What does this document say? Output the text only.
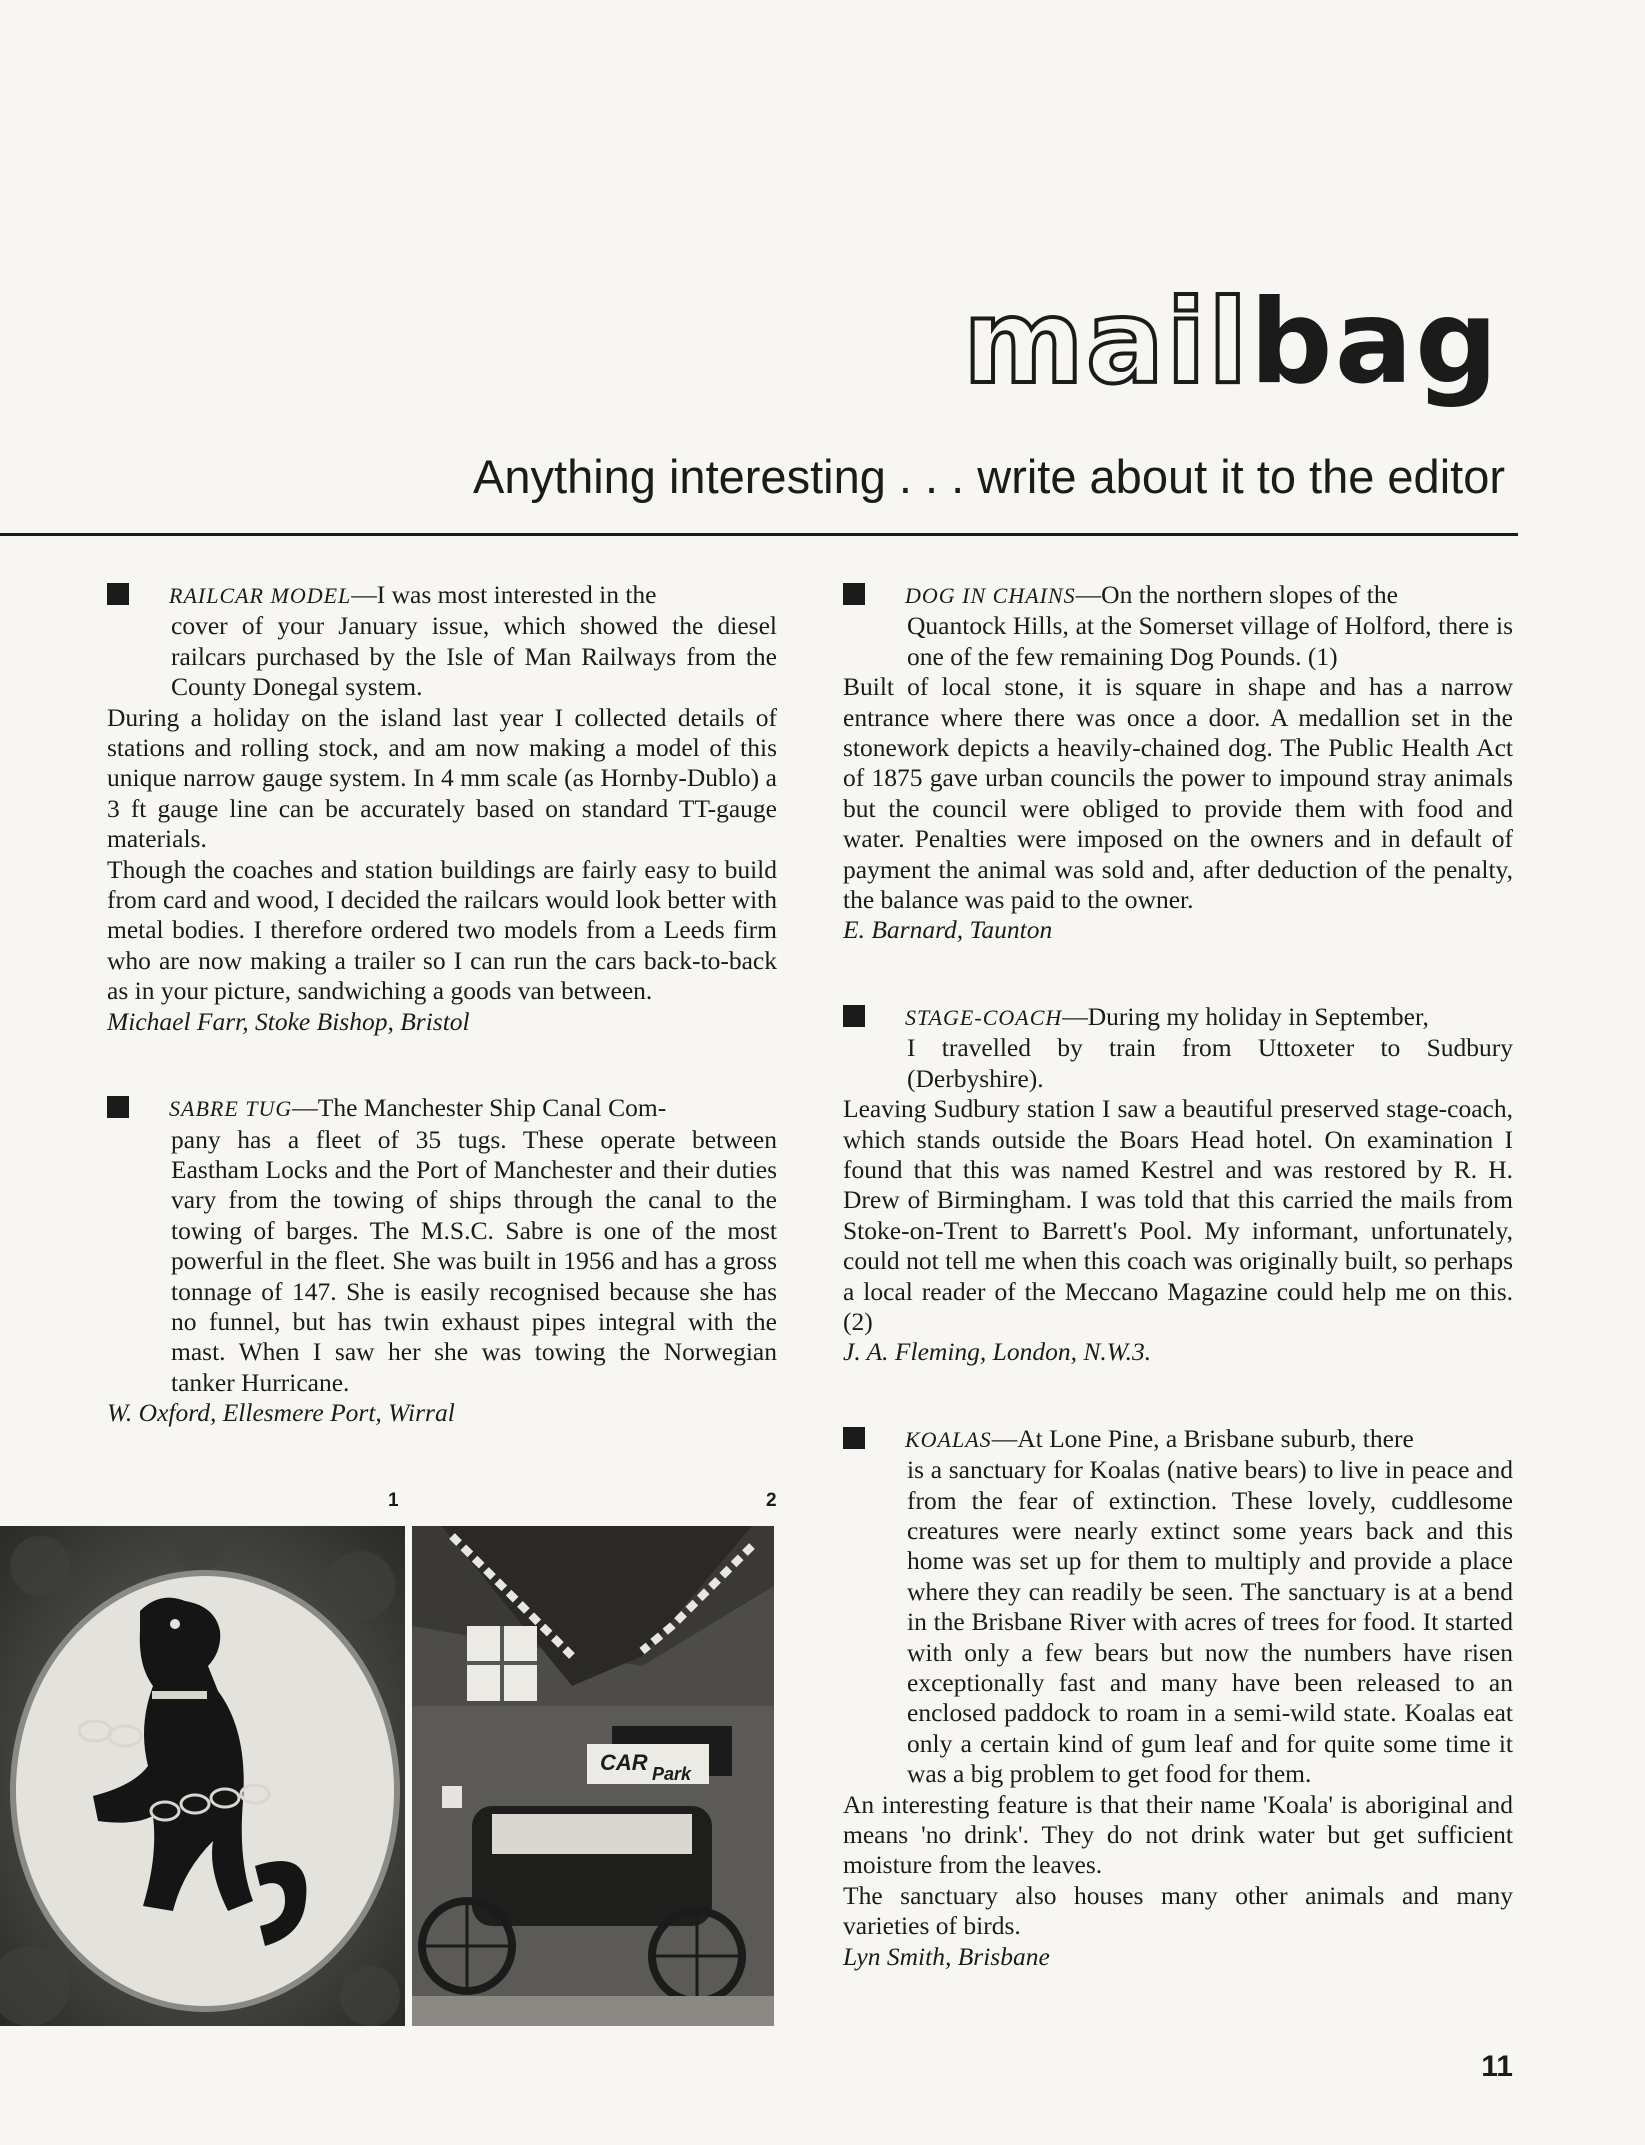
mailbag
Anything interesting . . . write about it to the editor

RAILCAR MODEL—I was most interested in the

cover of your January issue, which showed the diesel railcars purchased by the Isle of Man Railways from the County Donegal system.

During a holiday on the island last year I collected details of stations and rolling stock, and am now making a model of this unique narrow gauge system. In 4 mm scale (as Hornby-Dublo) a 3 ft gauge line can be accurately based on standard TT-gauge materials.

Though the coaches and station buildings are fairly easy to build from card and wood, I decided the railcars would look better with metal bodies. I therefore ordered two models from a Leeds firm who are now making a trailer so I can run the cars back-to-back as in your picture, sandwiching a goods van between.

Michael Farr, Stoke Bishop, Bristol

SABRE TUG—The Manchester Ship Canal Com-

pany has a fleet of 35 tugs. These operate between Eastham Locks and the Port of Manchester and their duties vary from the towing of ships through the canal to the towing of barges. The M.S.C. Sabre is one of the most powerful in the fleet. She was built in 1956 and has a gross tonnage of 147. She is easily recognised because she has no funnel, but has twin exhaust pipes integral with the mast. When I saw her she was towing the Norwegian tanker Hurricane.

W. Oxford, Ellesmere Port, Wirral

1	2
CAR Park

DOG IN CHAINS—On the northern slopes of the

Quantock Hills, at the Somerset village of Holford, there is one of the few remaining Dog Pounds. (1)

Built of local stone, it is square in shape and has a narrow entrance where there was once a door. A medallion set in the stonework depicts a heavily-chained dog. The Public Health Act of 1875 gave urban councils the power to impound stray animals but the council were obliged to provide them with food and water. Penalties were imposed on the owners and in default of payment the animal was sold and, after deduction of the penalty, the balance was paid to the owner.

E. Barnard, Taunton

STAGE-COACH—During my holiday in September,

I travelled by train from Uttoxeter to Sudbury (Derbyshire).

Leaving Sudbury station I saw a beautiful preserved stage-coach, which stands outside the Boars Head hotel. On examination I found that this was named Kestrel and was restored by R. H. Drew of Birmingham. I was told that this carried the mails from Stoke-on-Trent to Barrett's Pool. My informant, unfortunately, could not tell me when this coach was originally built, so perhaps a local reader of the Meccano Magazine could help me on this. (2)

J. A. Fleming, London, N.W.3.

KOALAS—At Lone Pine, a Brisbane suburb, there

is a sanctuary for Koalas (native bears) to live in peace and from the fear of extinction. These lovely, cuddlesome creatures were nearly extinct some years back and this home was set up for them to multiply and provide a place where they can readily be seen. The sanctuary is at a bend in the Brisbane River with acres of trees for food. It started with only a few bears but now the numbers have risen exceptionally fast and many have been released to an enclosed paddock to roam in a semi-wild state. Koalas eat only a certain kind of gum leaf and for quite some time it was a big problem to get food for them.

An interesting feature is that their name 'Koala' is aboriginal and means 'no drink'. They do not drink water but get sufficient moisture from the leaves.

The sanctuary also houses many other animals and many varieties of birds.

Lyn Smith, Brisbane

11
